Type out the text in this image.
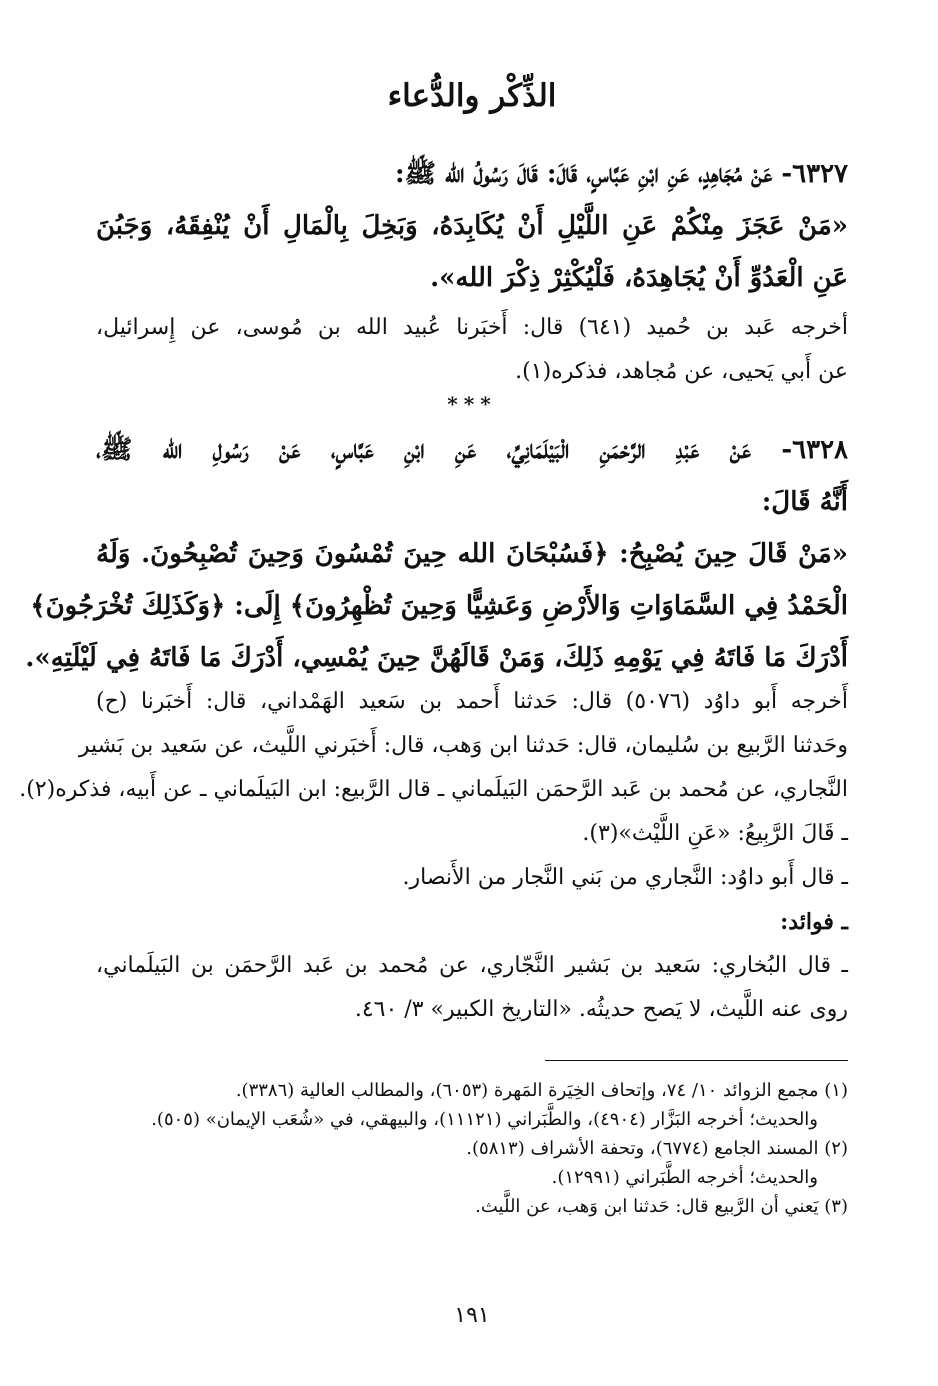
الذِّكْر والدُّعاء
٦٣٢٧- عَنْ مُجَاهِدٍ، عَنِ ابْنِ عَبَّاسٍ، قَالَ: قَالَ رَسُولُ الله ﷺ:
«مَنْ عَجَزَ مِنْكُمْ عَنِ اللَّيْلِ أَنْ يُكَابِدَهُ، وَبَخِلَ بِالْمَالِ أَنْ يُنْفِقَهُ، وَجَبُنَ
عَنِ الْعَدُوِّ أَنْ يُجَاهِدَهُ، فَلْيُكْثِرْ ذِكْرَ الله».
أخرجه عَبد بن حُميد (٦٤١) قال: أَخبَرنا عُبيد الله بن مُوسى، عن إِسرائيل،
عن أَبي يَحيى، عن مُجاهد، فذكره(١).

***

٦٣٢٨- عَنْ عَبْدِ الرَّحْمَنِ الْبَيْلَمَانِيِّ، عَنِ ابْنِ عَبَّاسٍ، عَنْ رَسُولِ الله ﷺ،
أَنَّهُ قَالَ:
«مَنْ قَالَ حِينَ يُصْبِحُ: ﴿فَسُبْحَانَ الله حِينَ تُمْسُونَ وَحِينَ تُصْبِحُونَ. وَلَهُ
الْحَمْدُ فِي السَّمَاوَاتِ وَالأَرْضِ وَعَشِيًّا وَحِينَ تُظْهِرُونَ﴾ إِلَى: ﴿وَكَذَلِكَ تُخْرَجُونَ﴾
أَدْرَكَ مَا فَاتَهُ فِي يَوْمِهِ ذَلِكَ، وَمَنْ قَالَهُنَّ حِينَ يُمْسِي، أَدْرَكَ مَا فَاتَهُ فِي لَيْلَتِهِ».
أَخرجه أَبو داوُد (٥٠٧٦) قال: حَدثنا أَحمد بن سَعيد الهَمْداني، قال: أَخبَرنا (ح)
وحَدثنا الرَّبيع بن سُليمان، قال: حَدثنا ابن وَهب، قال: أَخبَرني اللَّيث، عن سَعيد بن بَشير
النَّجاري، عن مُحمد بن عَبد الرَّحمَن البَيلَماني ـ قال الرَّبيع: ابن البَيلَماني ـ عن أَبيه، فذكره(٢).
ـ قَالَ الرَّبِيعُ: «عَنِ اللَّيْث»(٣).
ـ قال أَبو داوُد: النَّجاري من بَني النَّجار من الأَنصار.
ـ فوائد:
ـ قال البُخاري: سَعيد بن بَشير النَّجّاري، عن مُحمد بن عَبد الرَّحمَن بن البَيلَماني،
روى عنه اللَّيث، لا يَصح حديثُه. «التاريخ الكبير» ٣/ ٤٦٠.
(١) مجمع الزوائد ١٠/ ٧٤، وإتحاف الخِيَرة المَهرة (٦٠٥٣)، والمطالب العالية (٣٣٨٦).
والحديث؛ أخرجه البَزَّار (٤٩٠٤)، والطَّبَراني (١١١٢١)، والبيهقي، في «شُعَب الإيمان» (٥٠٥).
(٢) المسند الجامع (٦٧٧٤)، وتحفة الأشراف (٥٨١٣).
والحديث؛ أخرجه الطَّبَراني (١٢٩٩١).
(٣) يَعني أن الرَّبيع قال: حَدثنا ابن وَهب، عن اللَّيث.

١٩١
